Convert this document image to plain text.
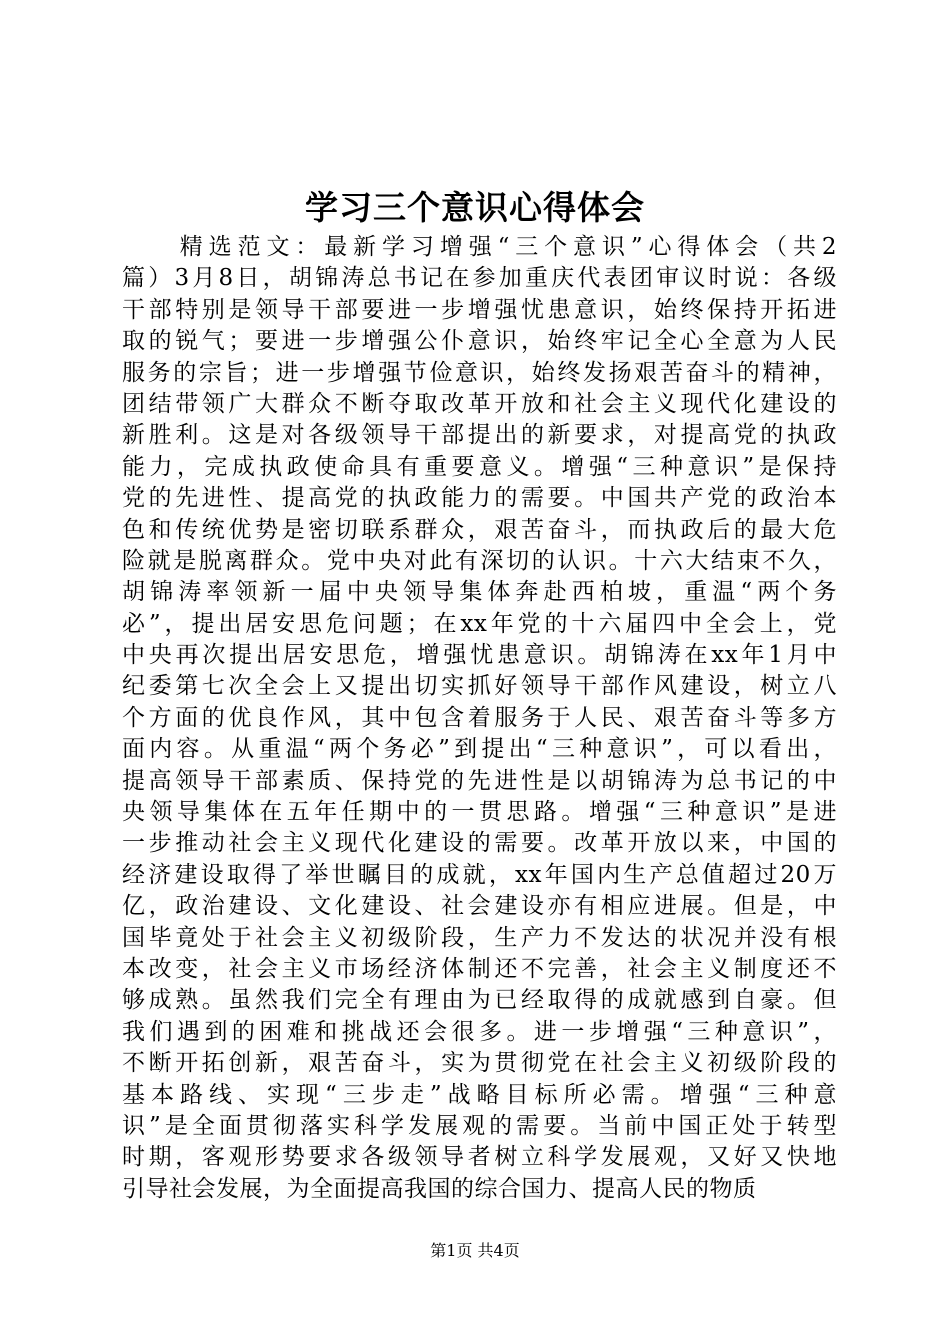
学习三个意识心得体会
　　精选范文：最新学习增强“三个意识”心得体会（共2
篇）3月8日，胡锦涛总书记在参加重庆代表团审议时说：各级
干部特别是领导干部要进一步增强忧患意识，始终保持开拓进
取的锐气；要进一步增强公仆意识，始终牢记全心全意为人民
服务的宗旨；进一步增强节俭意识，始终发扬艰苦奋斗的精神，
团结带领广大群众不断夺取改革开放和社会主义现代化建设的
新胜利。这是对各级领导干部提出的新要求，对提高党的执政
能力，完成执政使命具有重要意义。增强“三种意识”是保持
党的先进性、提高党的执政能力的需要。中国共产党的政治本
色和传统优势是密切联系群众，艰苦奋斗，而执政后的最大危
险就是脱离群众。党中央对此有深切的认识。十六大结束不久，
胡锦涛率领新一届中央领导集体奔赴西柏坡，重温“两个务
必”，提出居安思危问题；在xx年党的十六届四中全会上，党
中央再次提出居安思危，增强忧患意识。胡锦涛在xx年1月中
纪委第七次全会上又提出切实抓好领导干部作风建设，树立八
个方面的优良作风，其中包含着服务于人民、艰苦奋斗等多方
面内容。从重温“两个务必”到提出“三种意识”，可以看出，
提高领导干部素质、保持党的先进性是以胡锦涛为总书记的中
央领导集体在五年任期中的一贯思路。增强“三种意识”是进
一步推动社会主义现代化建设的需要。改革开放以来，中国的
经济建设取得了举世瞩目的成就，xx年国内生产总值超过20万
亿，政治建设、文化建设、社会建设亦有相应进展。但是，中
国毕竟处于社会主义初级阶段，生产力不发达的状况并没有根
本改变，社会主义市场经济体制还不完善，社会主义制度还不
够成熟。虽然我们完全有理由为已经取得的成就感到自豪。但
我们遇到的困难和挑战还会很多。进一步增强“三种意识”，
不断开拓创新，艰苦奋斗，实为贯彻党在社会主义初级阶段的
基本路线、实现“三步走”战略目标所必需。增强“三种意
识”是全面贯彻落实科学发展观的需要。当前中国正处于转型
时期，客观形势要求各级领导者树立科学发展观，又好又快地
引导社会发展，为全面提高我国的综合国力、提高人民的物质
第1页 共4页
